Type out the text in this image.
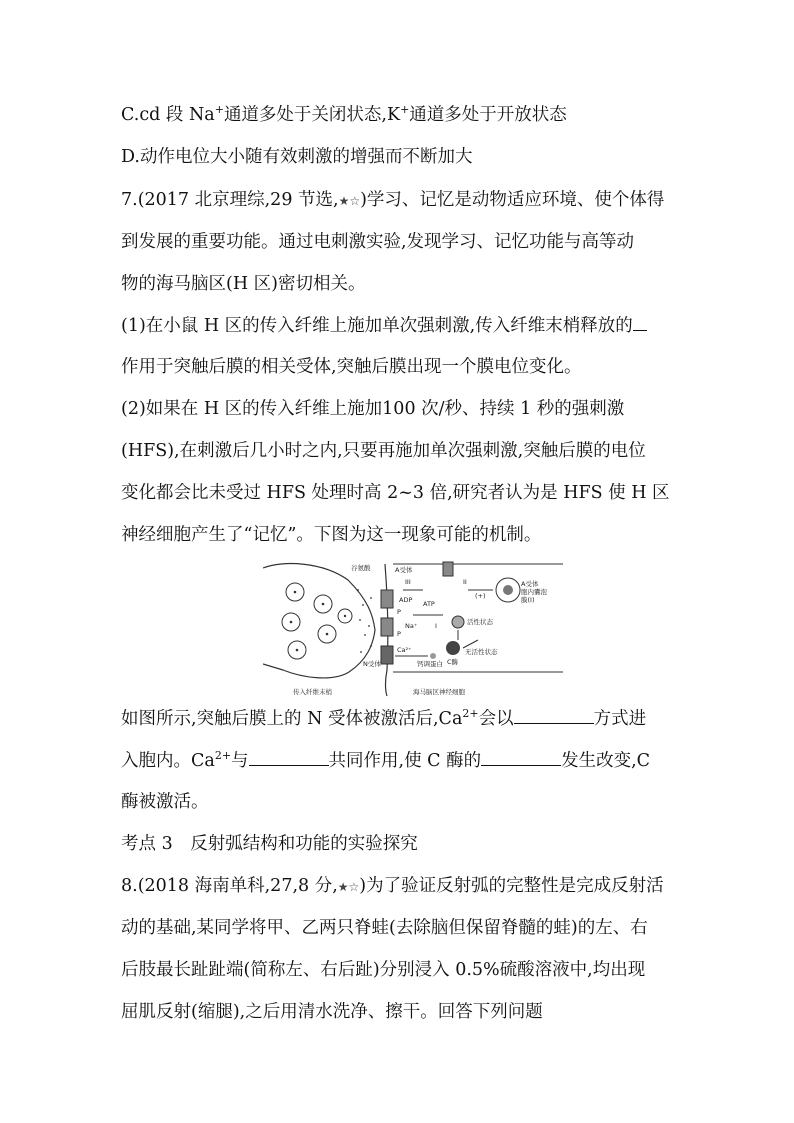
C.cd 段 Na+通道多处于关闭状态,K+通道多处于开放状态
D.动作电位大小随有效刺激的增强而不断加大
7.(2017 北京理综,29 节选,★☆)学习、记忆是动物适应环境、使个体得
到发展的重要功能。通过电刺激实验,发现学习、记忆功能与高等动
物的海马脑区(H 区)密切相关。
(1)在小鼠 H 区的传入纤维上施加单次强刺激,传入纤维末梢释放的
作用于突触后膜的相关受体,突触后膜出现一个膜电位变化。
(2)如果在 H 区的传入纤维上施加100 次/秒、持续 1 秒的强刺激
(HFS),在刺激后几小时之内,只要再施加单次强刺激,突触后膜的电位
变化都会比未受过 HFS 处理时高 2~3 倍,研究者认为是 HFS 使 H 区
神经细胞产生了“记忆”。下图为这一现象可能的机制。
谷氨酸	A受体
A受体
胞内囊泡
膜(I)
III	II
(+)
ADP ATP
P
P
Na⁺	I	活性状态
无活性状态
C酶
钙调蛋白
Ca²⁺
N受体
传入纤维末梢	海马脑区神经细胞
如图所示,突触后膜上的 N 受体被激活后$,Ca^{2+}$会以	方式进
入胞内。$Ca^{2+}$与	共同作用,使 C 酶的	发生改变,C
酶被激活。
考点 3　反射弧结构和功能的实验探究
8.(2018 海南单科,27,8 分,★☆)为了验证反射弧的完整性是完成反射活
动的基础,某同学将甲、乙两只脊蛙(去除脑但保留脊髓的蛙)的左、右
后肢最长趾趾端(简称左、右后趾)分别浸入 0.5%硫酸溶液中,均出现
屈肌反射(缩腿),之后用清水洗净、擦干。回答下列问题
